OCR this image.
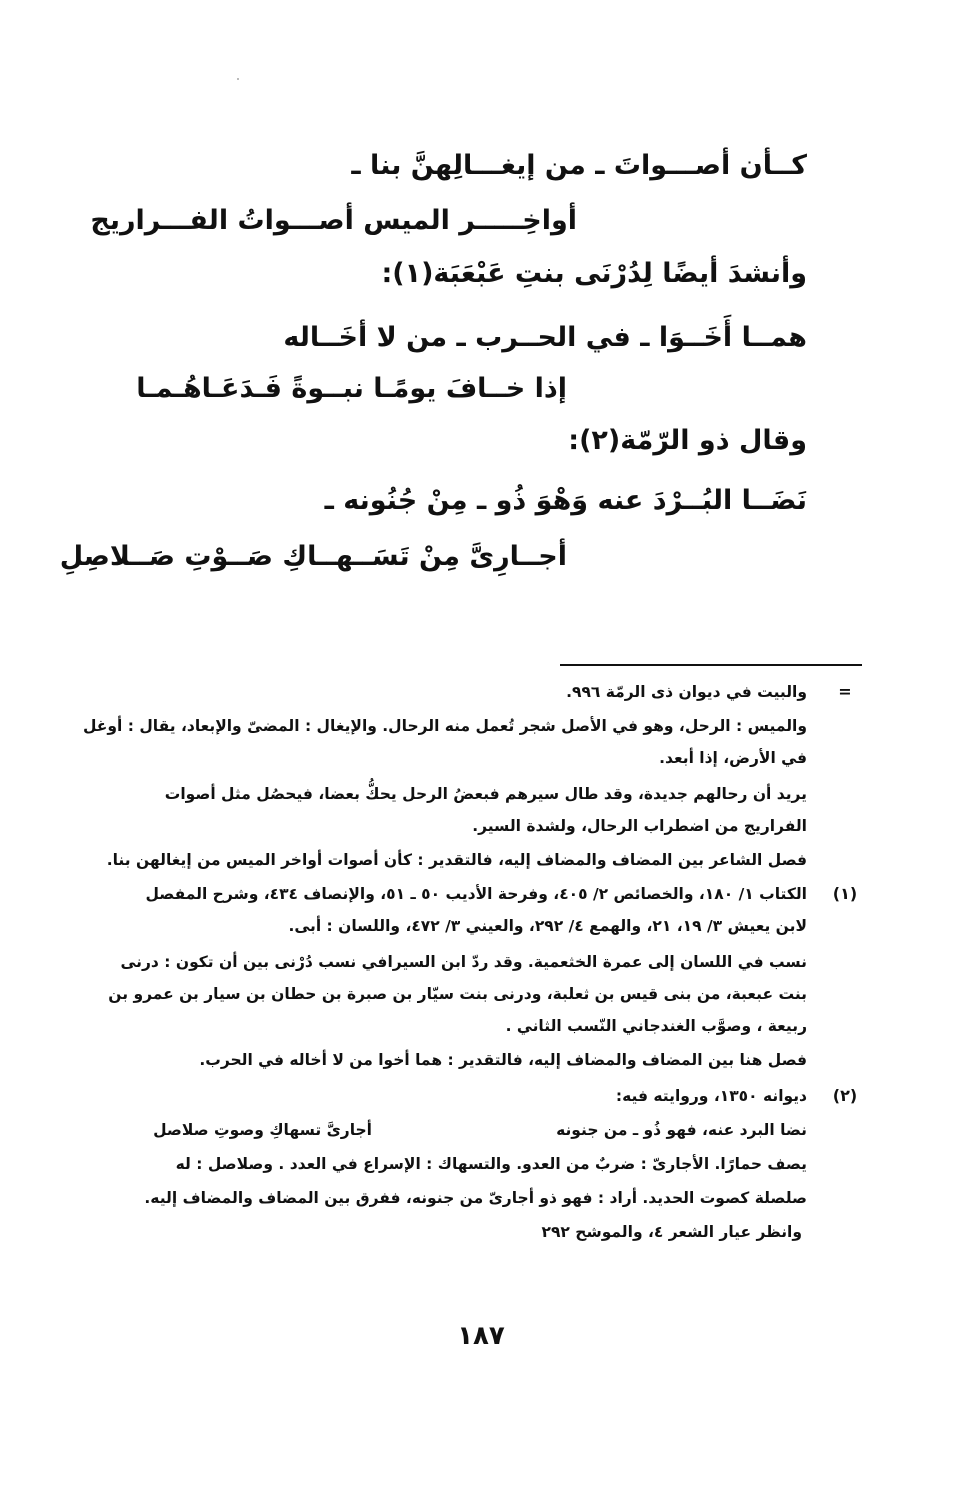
كــأن أصـــواتَ ـ من إيغـــالِهنَّ بنا ـ
أواخِـــــر الميس أصـــواتُ الفـــراريج
وأنشدَ أيضًا لِدُرْنَى بنتِ عَبْعَبَة(١):
همــا أَخَــوَا ـ في الحــرب ـ من لا أخَــاله
إذا خــافَ يومًـا نبــوةً فَـدَعَـاهُـمـا
وقال ذو الرّمّة(٢):
نَضَــا البُــرْدَ عنه وَهْوَ ذُو ـ مِنْ جُنُونه ـ
أجــارِىَّ مِنْ تَسَــهــاكِ صَــوْتِ صَــلاصِلِ
=
والبيت في ديوان ذى الرمّة ٩٩٦.
والميس : الرحل، وهو في الأصل شجر تُعمل منه الرحال. والإيغال : المضىّ والإبعاد، يقال : أوغل
في الأرض، إذا أبعد.
يريد أن رحالهم جديدة، وقد طال سيرهم فبعضُ الرحل يحكُّ بعضا، فيحصُل مثل أصوات
الفراريج من اضطراب الرحال، ولشدة السير.
فصل الشاعر بين المضاف والمضاف إليه، فالتقدير : كأن أصوات أواخر الميس من إيغالهن بنا.
(١)
الكتاب ١/ ١٨٠، والخصائص ٢/ ٤٠٥، وفرحة الأديب ٥٠ ـ ٥١، والإنصاف ٤٣٤، وشرح المفصل
لابن يعيش ٣/ ١٩، ٢١، والهمع ٤/ ٢٩٢، والعيني ٣/ ٤٧٢، واللسان : أبى.
نسب في اللسان إلى عمرة الخثعمية. وقد ردّ ابن السيرافي نسب دُرْنى بين أن تكون : درنى
بنت عبعبة، من بنى قيس بن ثعلبة، ودرنى بنت سيّار بن صبرة بن حطان بن سيار بن عمرو بن
ربيعة ، وصوَّب الغندجاني النّسب الثاني .
فصل هنا بين المضاف والمضاف إليه، فالتقدير : هما أخوا من لا أخاله في الحرب.
(٢)
ديوانه ١٣٥٠، وروايته فيه:
نضا البرد عنه، فهو ذُو ـ من جنونه
أجارىَّ تسهاكِ وصوتِ صلاصل
يصف حمارًا. الأجارىّ : ضربٌ من العدو. والتسهاك : الإسراع في العدد . وصلاصل : له
صلصلة كصوت الحديد. أراد : فهو ذو أجارىّ من جنونه، ففرق بين المضاف والمضاف إليه.
وانظر عيار الشعر ٤، والموشح ٢٩٢
١٨٧
